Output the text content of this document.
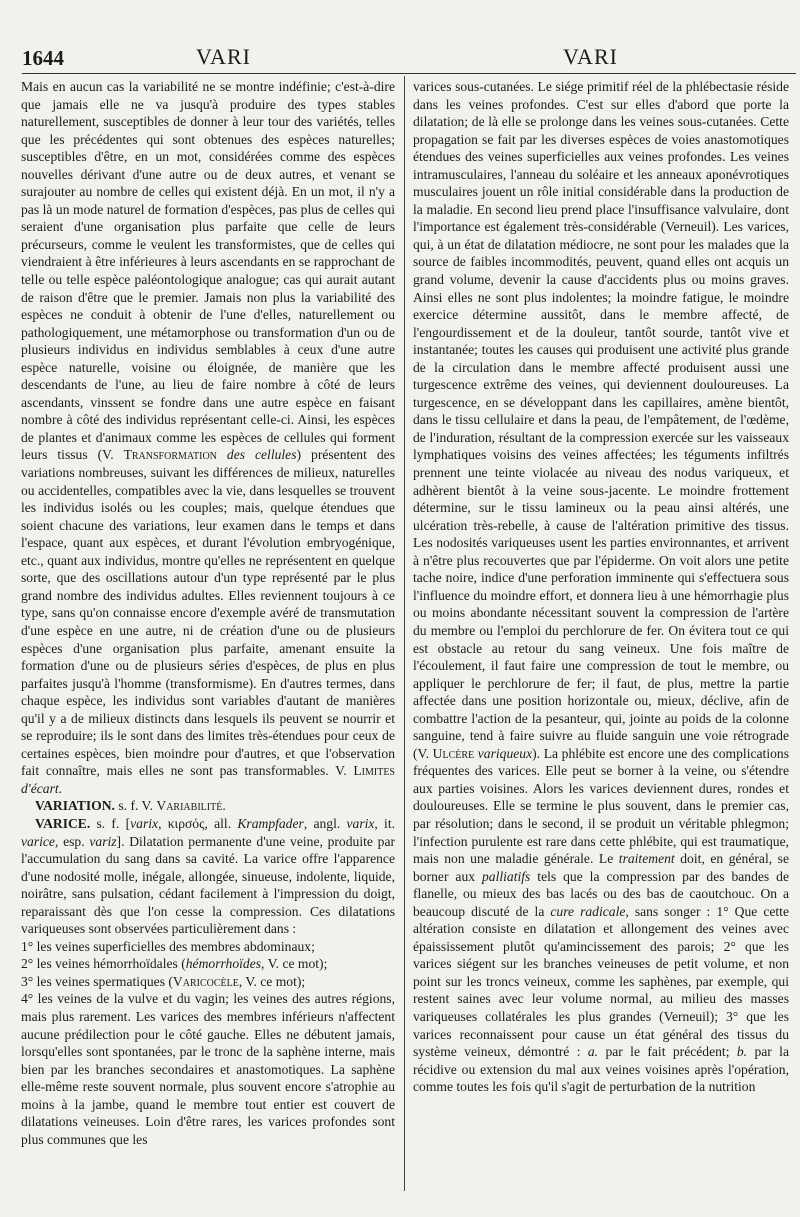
1644	VARI	VARI

Mais en aucun cas la variabilité ne se montre indéfinie; c'est-à-dire que jamais elle ne va jusqu'à produire des types stables naturellement, susceptibles de donner à leur tour des variétés, telles que les précédentes qui sont obtenues des espèces naturelles; susceptibles d'être, en un mot, considérées comme des espèces nouvelles dérivant d'une autre ou de deux autres, et venant se surajouter au nombre de celles qui existent déjà. En un mot, il n'y a pas là un mode naturel de formation d'espèces, pas plus de celles qui seraient d'une organisation plus parfaite que celle de leurs précurseurs, comme le veulent les transformistes, que de celles qui viendraient à être inférieures à leurs ascendants en se rapprochant de telle ou telle espèce paléontologique analogue; cas qui aurait autant de raison d'être que le premier. Jamais non plus la variabilité des espèces ne conduit à obtenir de l'une d'elles, naturellement ou pathologiquement, une métamorphose ou transformation d'un ou de plusieurs individus en individus semblables à ceux d'une autre espèce naturelle, voisine ou éloignée, de manière que les descendants de l'une, au lieu de faire nombre à côté de leurs ascendants, vinssent se fondre dans une autre espèce en faisant nombre à côté des individus représentant celle-ci. Ainsi, les espèces de plantes et d'animaux comme les espèces de cellules qui forment leurs tissus (V. Transformation des cellules) présentent des variations nombreuses, suivant les différences de milieux, naturelles ou accidentelles, compatibles avec la vie, dans lesquelles se trouvent les individus isolés ou les couples; mais, quelque étendues que soient chacune des variations, leur examen dans le temps et dans l'espace, quant aux espèces, et durant l'évolution embryogénique, etc., quant aux individus, montre qu'elles ne représentent en quelque sorte, que des oscillations autour d'un type représenté par le plus grand nombre des individus adultes. Elles reviennent toujours à ce type, sans qu'on connaisse encore d'exemple avéré de transmutation d'une espèce en une autre, ni de création d'une ou de plusieurs espèces d'une organisation plus parfaite, amenant ensuite la formation d'une ou de plusieurs séries d'espèces, de plus en plus parfaites jusqu'à l'homme (transformisme). En d'autres termes, dans chaque espèce, les individus sont variables d'autant de manières qu'il y a de milieux distincts dans lesquels ils peuvent se nourrir et se reproduire; ils le sont dans des limites très-étendues pour ceux de certaines espèces, bien moindre pour d'autres, et que l'observation fait connaître, mais elles ne sont pas transformables. V. Limites d'écart.

VARIATION. s. f. V. Variabilité.

VARICE. s. f. [varix, κιρσός, all. Krampfader, angl. varix, it. varice, esp. variz]. Dilatation permanente d'une veine, produite par l'accumulation du sang dans sa cavité. La varice offre l'apparence d'une nodosité molle, inégale, allongée, sinueuse, indolente, liquide, noirâtre, sans pulsation, cédant facilement à l'impression du doigt, reparaissant dès que l'on cesse la compression. Ces dilatations variqueuses sont observées particulièrement dans :

1° les veines superficielles des membres abdominaux;

2° les veines hémorrhoïdales (hémorrhoïdes, V. ce mot);

3° les veines spermatiques (Varicocèle, V. ce mot);

4° les veines de la vulve et du vagin; les veines des autres régions, mais plus rarement. Les varices des membres inférieurs n'affectent aucune prédilection pour le côté gauche. Elles ne débutent jamais, lorsqu'elles sont spontanées, par le tronc de la saphène interne, mais bien par les branches secondaires et anastomotiques. La saphène elle-même reste souvent normale, plus souvent encore s'atrophie au moins à la jambe, quand le membre tout entier est couvert de dilatations veineuses. Loin d'être rares, les varices profondes sont plus communes que les

varices sous-cutanées. Le siége primitif réel de la phlébectasie réside dans les veines profondes. C'est sur elles d'abord que porte la dilatation; de là elle se prolonge dans les veines sous-cutanées. Cette propagation se fait par les diverses espèces de voies anastomotiques étendues des veines superficielles aux veines profondes. Les veines intramusculaires, l'anneau du soléaire et les anneaux aponévrotiques musculaires jouent un rôle initial considérable dans la production de la maladie. En second lieu prend place l'insuffisance valvulaire, dont l'importance est également très-considérable (Verneuil). Les varices, qui, à un état de dilatation médiocre, ne sont pour les malades que la source de faibles incommodités, peuvent, quand elles ont acquis un grand volume, devenir la cause d'accidents plus ou moins graves. Ainsi elles ne sont plus indolentes; la moindre fatigue, le moindre exercice détermine aussitôt, dans le membre affecté, de l'engourdissement et de la douleur, tantôt sourde, tantôt vive et instantanée; toutes les causes qui produisent une activité plus grande de la circulation dans le membre affecté produisent aussi une turgescence extrême des veines, qui deviennent douloureuses. La turgescence, en se développant dans les capillaires, amène bientôt, dans le tissu cellulaire et dans la peau, de l'empâtement, de l'œdème, de l'induration, résultant de la compression exercée sur les vaisseaux lymphatiques voisins des veines affectées; les téguments infiltrés prennent une teinte violacée au niveau des nodus variqueux, et adhèrent bientôt à la veine sous-jacente. Le moindre frottement détermine, sur le tissu lamineux ou la peau ainsi altérés, une ulcération très-rebelle, à cause de l'altération primitive des tissus. Les nodosités variqueuses usent les parties environnantes, et arrivent à n'être plus recouvertes que par l'épiderme. On voit alors une petite tache noire, indice d'une perforation imminente qui s'effectuera sous l'influence du moindre effort, et donnera lieu à une hémorrhagie plus ou moins abondante nécessitant souvent la compression de l'artère du membre ou l'emploi du perchlorure de fer. On évitera tout ce qui est obstacle au retour du sang veineux. Une fois maître de l'écoulement, il faut faire une compression de tout le membre, ou appliquer le perchlorure de fer; il faut, de plus, mettre la partie affectée dans une position horizontale ou, mieux, déclive, afin de combattre l'action de la pesanteur, qui, jointe au poids de la colonne sanguine, tend à faire suivre au fluide sanguin une voie rétrograde (V. Ulcère variqueux). La phlébite est encore une des complications fréquentes des varices. Elle peut se borner à la veine, ou s'étendre aux parties voisines. Alors les varices deviennent dures, rondes et douloureuses. Elle se termine le plus souvent, dans le premier cas, par résolution; dans le second, il se produit un véritable phlegmon; l'infection purulente est rare dans cette phlébite, qui est traumatique, mais non une maladie générale. Le traitement doit, en général, se borner aux palliatifs tels que la compression par des bandes de flanelle, ou mieux des bas lacés ou des bas de caoutchouc. On a beaucoup discuté de la cure radicale, sans songer : 1° Que cette altération consiste en dilatation et allongement des veines avec épaississement plutôt qu'amincissement des parois; 2° que les varices siégent sur les branches veineuses de petit volume, et non point sur les troncs veineux, comme les saphènes, par exemple, qui restent saines avec leur volume normal, au milieu des masses variqueuses collatérales les plus grandes (Verneuil); 3° que les varices reconnaissent pour cause un état général des tissus du système veineux, démontré : a. par le fait précédent; b. par la récidive ou extension du mal aux veines voisines après l'opération, comme toutes les fois qu'il s'agit de perturbation de la nutrition
